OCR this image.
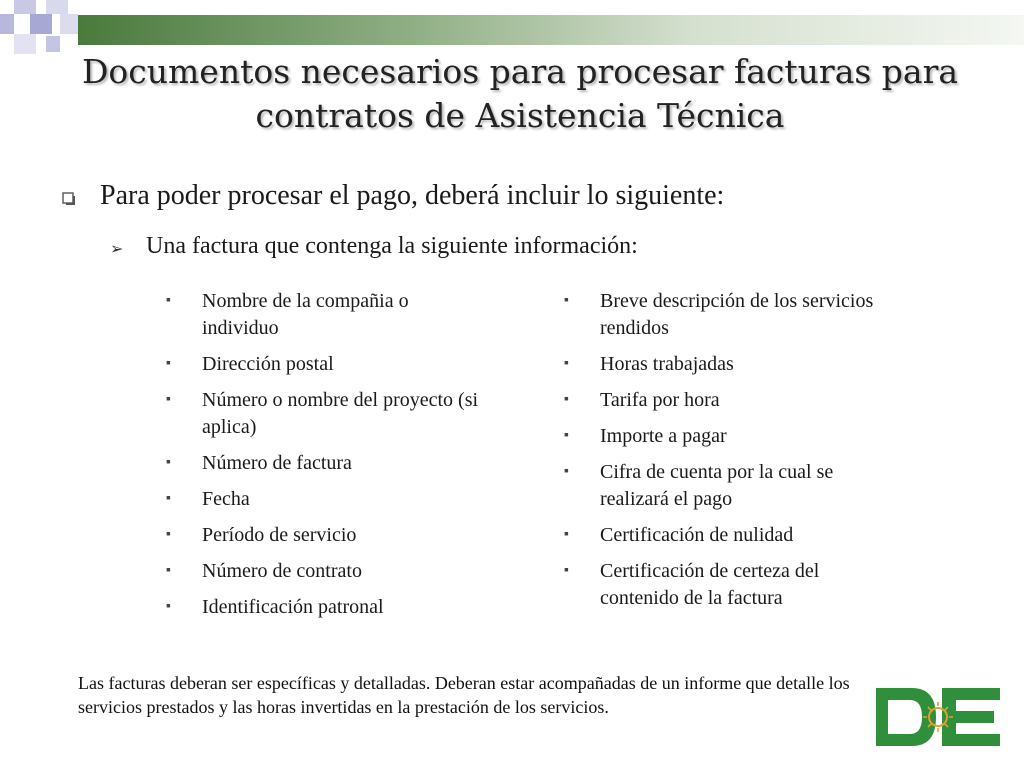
Documentos necesarios para procesar facturas para
contratos de Asistencia Técnica
Para poder procesar el pago, deberá incluir lo siguiente:
➢ Una factura que contenga la siguiente información:
▪ Nombre de la compañia o individuo
▪ Dirección postal
▪ Número o nombre del proyecto (si aplica)
▪ Número de factura
▪ Fecha
▪ Período de servicio
▪ Número de contrato
▪ Identificación patronal
▪ Breve descripción de los servicios rendidos
▪ Horas trabajadas
▪ Tarifa por hora
▪ Importe a pagar
▪ Cifra de cuenta por la cual se realizará el pago
▪ Certificación de nulidad
▪ Certificación de certeza del contenido de la factura
Las facturas deberan ser específicas y detalladas. Deberan estar acompañadas de un informe que detalle los servicios prestados y las horas invertidas en la prestación de los servicios.
